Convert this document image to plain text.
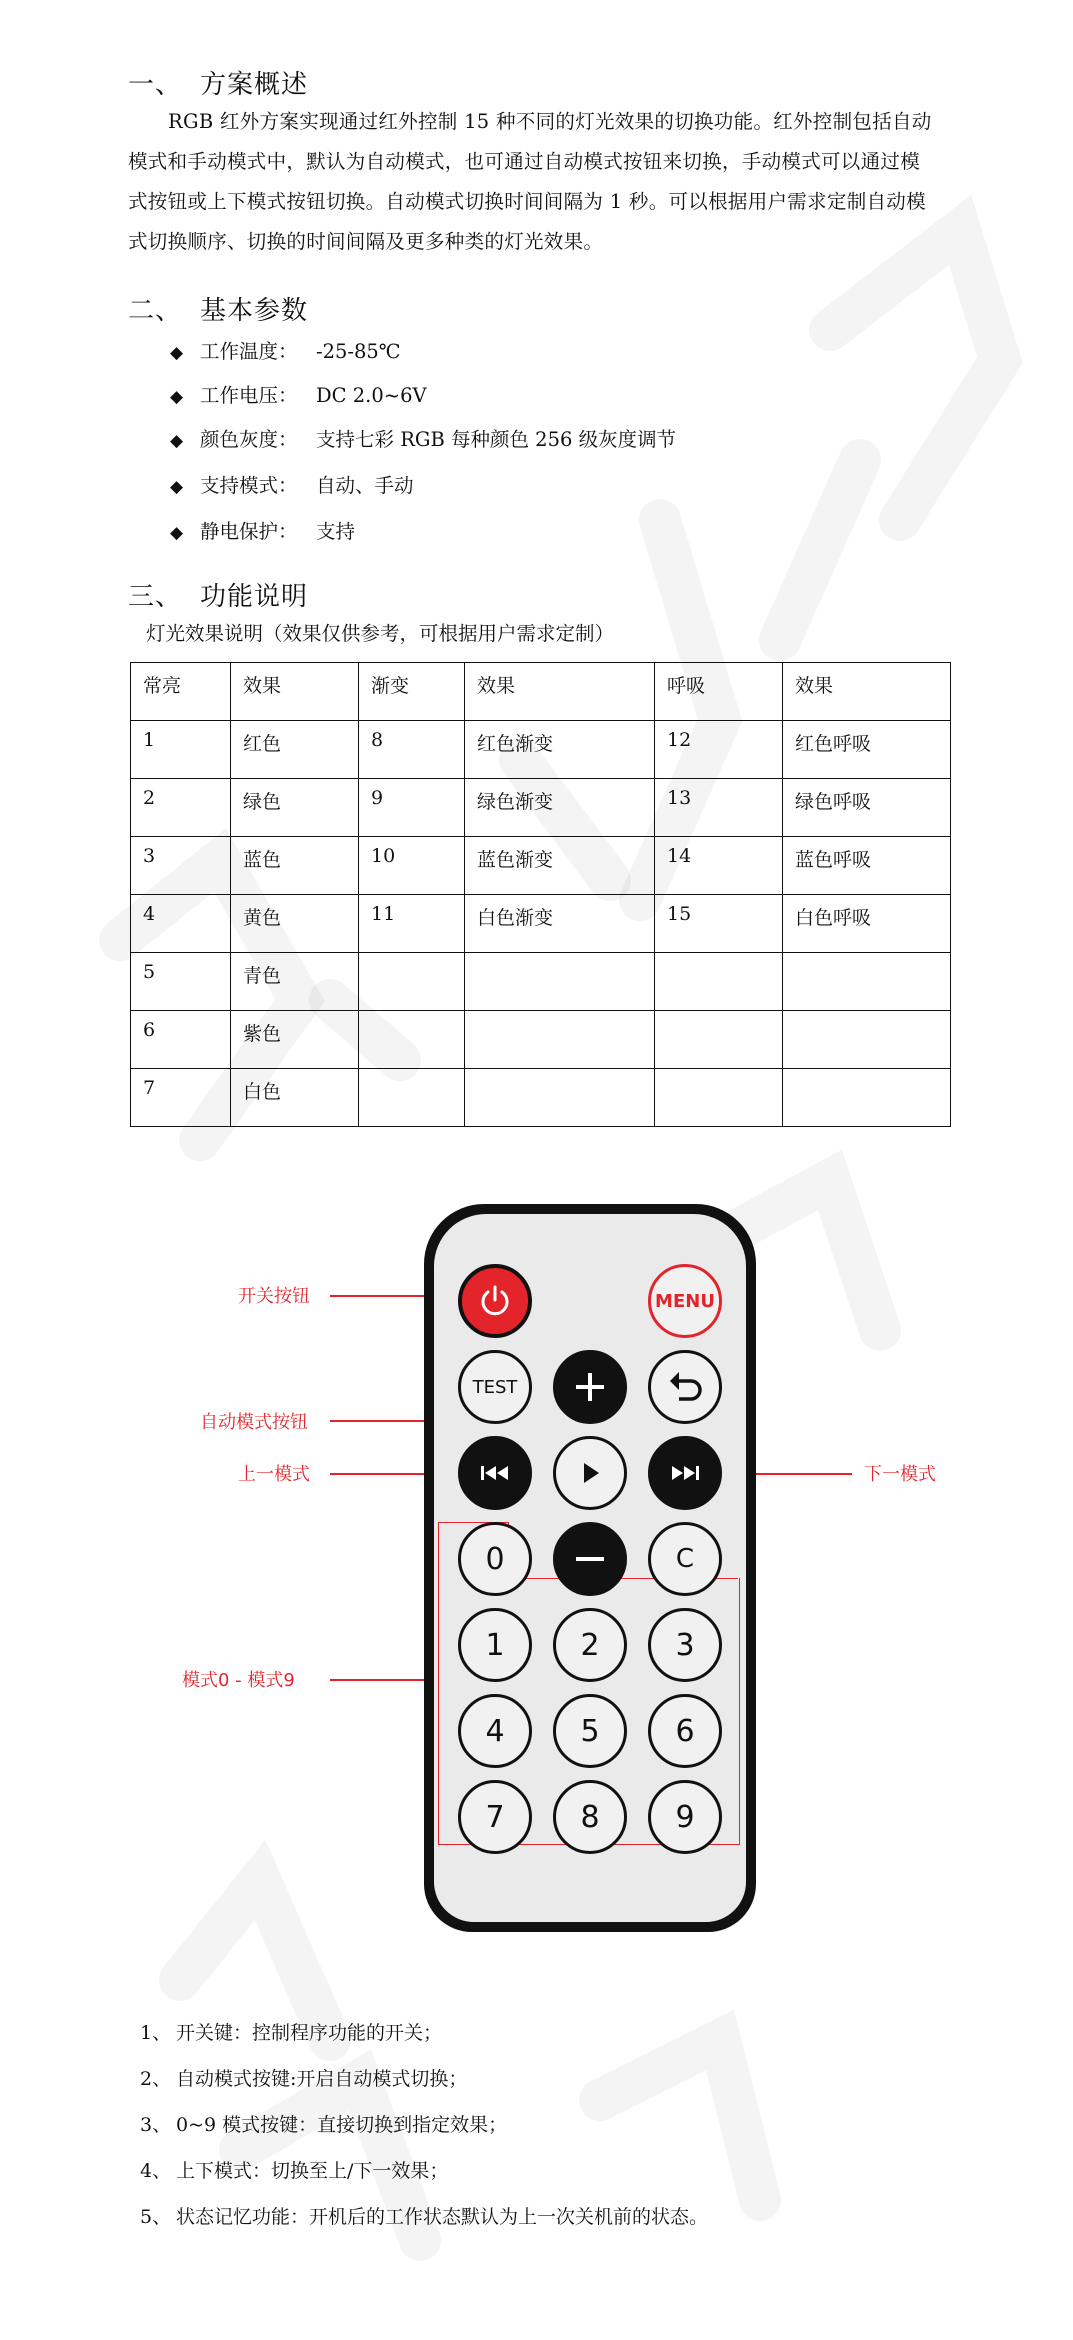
一、 方案概述
RGB 红外方案实现通过红外控制 15 种不同的灯光效果的切换功能。红外控制包括自动
模式和手动模式中，默认为自动模式，也可通过自动模式按钮来切换，手动模式可以通过模
式按钮或上下模式按钮切换。自动模式切换时间间隔为 1 秒。可以根据用户需求定制自动模
式切换顺序、切换的时间间隔及更多种类的灯光效果。
二、 基本参数
◆ 工作温度： -25-85℃
◆ 工作电压： DC 2.0~6V
◆ 颜色灰度： 支持七彩 RGB 每种颜色 256 级灰度调节
◆ 支持模式： 自动、手动
◆ 静电保护： 支持
三、 功能说明
灯光效果说明（效果仅供参考，可根据用户需求定制）
常亮	效果	渐变	效果	呼吸	效果
1	红色	8	红色渐变	12	红色呼吸
2	绿色	9	绿色渐变	13	绿色呼吸
3	蓝色	10	蓝色渐变	14	蓝色呼吸
4	黄色	11	白色渐变	15	白色呼吸
5	青色				
6	紫色				
7	白色				
开关按钮
自动模式按钮
上一模式	下一模式
模式0 - 模式9
MENU
TEST
0	C
1	2	3
4	5	6
7	8	9
1、 开关键：控制程序功能的开关；
2、 自动模式按键:开启自动模式切换；
3、 0~9 模式按键：直接切换到指定效果；
4、 上下模式：切换至上/下一效果；
5、 状态记忆功能：开机后的工作状态默认为上一次关机前的状态。
